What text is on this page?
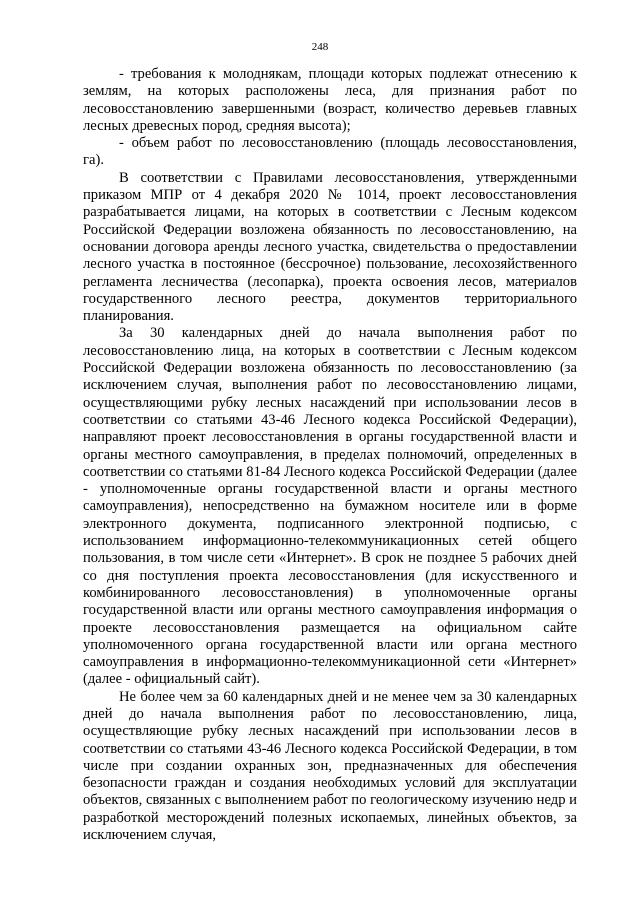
248

- требования к молоднякам, площади которых подлежат отнесению к землям, на которых расположены леса, для признания работ по лесовосстановлению завершенными (возраст, количество деревьев главных лесных древесных пород, средняя высота);

- объем работ по лесовосстановлению (площадь лесовосстановления, га).

В соответствии с Правилами лесовосстановления, утвержденными приказом МПР от 4 декабря 2020 № 1014, проект лесовосстановления разрабатывается лицами, на которых в соответствии с Лесным кодексом Российской Федерации возложена обязанность по лесовосстановлению, на основании договора аренды лесного участка, свидетельства о предоставлении лесного участка в постоянное (бессрочное) пользование, лесохозяйственного регламента лесничества (лесопарка), проекта освоения лесов, материалов государственного лесного реестра, документов территориального планирования.

За 30 календарных дней до начала выполнения работ по лесовосстановлению лица, на которых в соответствии с Лесным кодексом Российской Федерации возложена обязанность по лесовосстановлению (за исключением случая, выполнения работ по лесовосстановлению лицами, осуществляющими рубку лесных насаждений при использовании лесов в соответствии со статьями 43-46 Лесного кодекса Российской Федерации), направляют проект лесовосстановления в органы государственной власти и органы местного самоуправления, в пределах полномочий, определенных в соответствии со статьями 81-84 Лесного кодекса Российской Федерации (далее - уполномоченные органы государственной власти и органы местного самоуправления), непосредственно на бумажном носителе или в форме электронного документа, подписанного электронной подписью, с использованием информационно-телекоммуникационных сетей общего пользования, в том числе сети «Интернет». В срок не позднее 5 рабочих дней со дня поступления проекта лесовосстановления (для искусственного и комбинированного лесовосстановления) в уполномоченные органы государственной власти или органы местного самоуправления информация о проекте лесовосстановления размещается на официальном сайте уполномоченного органа государственной власти или органа местного самоуправления в информационно-телекоммуникационной сети «Интернет» (далее - официальный сайт).

Не более чем за 60 календарных дней и не менее чем за 30 календарных дней до начала выполнения работ по лесовосстановлению, лица, осуществляющие рубку лесных насаждений при использовании лесов в соответствии со статьями 43-46 Лесного кодекса Российской Федерации, в том числе при создании охранных зон, предназначенных для обеспечения безопасности граждан и создания необходимых условий для эксплуатации объектов, связанных с выполнением работ по геологическому изучению недр и разработкой месторождений полезных ископаемых, линейных объектов, за исключением случая,
